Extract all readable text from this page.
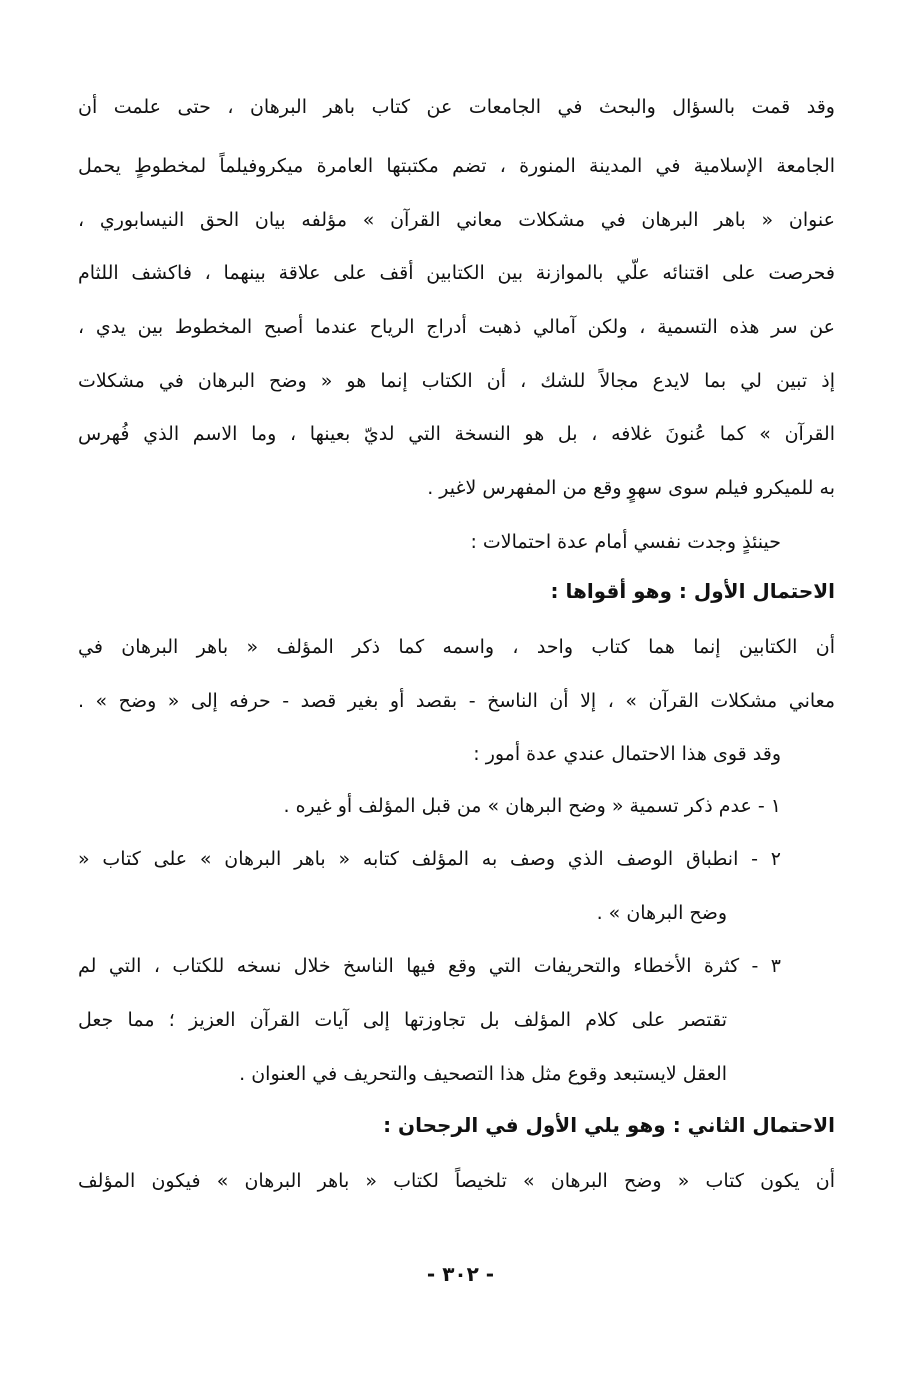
وقد قمت بالسؤال والبحث في الجامعات عن كتاب باهر البرهان ، حتى علمت أن
الجامعة الإسلامية في المدينة المنورة ، تضم مكتبتها العامرة ميكروفيلماً لمخطوطٍ يحمل
عنوان « باهر البرهان في مشكلات معاني القرآن » مؤلفه بيان الحق النيسابوري ،
فحرصت على اقتنائه علّي بالموازنة بين الكتابين أقف على علاقة بينهما ، فاكشف اللثام
عن سر هذه التسمية ، ولكن آمالي ذهبت أدراج الرياح عندما أصبح المخطوط بين يدي ،
إذ تبين لي بما لايدع مجالاً للشك ، أن الكتاب إنما هو « وضح البرهان في مشكلات
القرآن » كما عُنونَ غلافه ، بل هو النسخة التي لديّ بعينها ، وما الاسم الذي فُهرس
به للميكرو فيلم سوى سهوٍ وقع من المفهرس لاغير .
حينئذٍ وجدت نفسي أمام عدة احتمالات :
الاحتمال الأول : وهو أقواها :
أن الكتابين إنما هما كتاب واحد ، واسمه كما ذكر المؤلف « باهر البرهان في
معاني مشكلات القرآن » ، إلا أن الناسخ - بقصد أو بغير قصد - حرفه إلى « وضح » .
وقد قوى هذا الاحتمال عندي عدة أمور :
١ - عدم ذكر تسمية « وضح البرهان » من قبل المؤلف أو غيره .
٢ - انطباق الوصف الذي وصف به المؤلف كتابه « باهر البرهان » على كتاب «
وضح البرهان » .
٣ - كثرة الأخطاء والتحريفات التي وقع فيها الناسخ خلال نسخه للكتاب ، التي لم
تقتصر على كلام المؤلف بل تجاوزتها إلى آيات القرآن العزيز ؛ مما جعل
العقل لايستبعد وقوع مثل هذا التصحيف والتحريف في العنوان .
الاحتمال الثاني : وهو يلي الأول في الرجحان :
أن يكون كتاب « وضح البرهان » تلخيصاً لكتاب « باهر البرهان » فيكون المؤلف
- ٣٠٢ -
